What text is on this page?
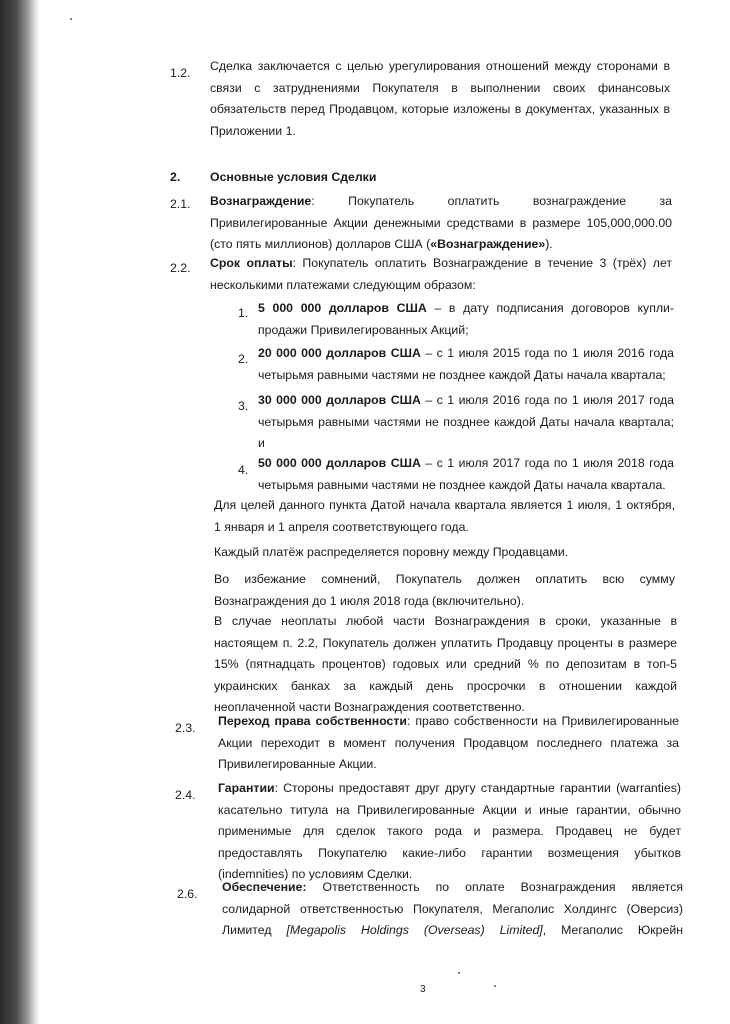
1.2. Сделка заключается с целью урегулирования отношений между сторонами в
связи с затруднениями Покупателя в выполнении своих финансовых
обязательств перед Продавцом, которые изложены в документах, указанных в
Приложении 1.
2. Основные условия Сделки
2.1. Вознаграждение: Покупатель оплатить вознаграждение за
Привилегированные Акции денежными средствами в размере 105,000,000.00
(сто пять миллионов) долларов США («Вознаграждение»).
2.2. Срок оплаты: Покупатель оплатить Вознаграждение в течение 3 (трёх) лет
несколькими платежами следующим образом:
1. 5 000 000 долларов США – в дату подписания договоров купли-
продажи Привилегированных Акций;
2. 20 000 000 долларов США – с 1 июля 2015 года по 1 июля 2016 года
четырьмя равными частями не позднее каждой Даты начала квартала;
3. 30 000 000 долларов США – с 1 июля 2016 года по 1 июля 2017 года
четырьмя равными частями не позднее каждой Даты начала квартала;
и
4. 50 000 000 долларов США – с 1 июля 2017 года по 1 июля 2018 года
четырьмя равными частями не позднее каждой Даты начала квартала.
Для целей данного пункта Датой начала квартала является 1 июля, 1 октября,
1 января и 1 апреля соответствующего года.
Каждый платёж распределяется поровну между Продавцами.
Во избежание сомнений, Покупатель должен оплатить всю сумму
Вознаграждения до 1 июля 2018 года (включительно).
В случае неоплаты любой части Вознаграждения в сроки, указанные в
настоящем п. 2.2, Покупатель должен уплатить Продавцу проценты в размере
15% (пятнадцать процентов) годовых или средний % по депозитам в топ-5
украинских банках за каждый день просрочки в отношении каждой
неоплаченной части Вознаграждения соответственно.
2.3. Переход права собственности: право собственности на Привилегированные
Акции переходит в момент получения Продавцом последнего платежа за
Привилегированные Акции.
2.4. Гарантии: Стороны предоставят друг другу стандартные гарантии (warranties)
касательно титула на Привилегированные Акции и иные гарантии, обычно
применимые для сделок такого рода и размера. Продавец не будет
предоставлять Покупателю какие-либо гарантии возмещения убытков
(indemnities) по условиям Сделки.
2.6. Обеспечение: Ответственность по оплате Вознаграждения является
солидарной ответственностью Покупателя, Мегаполис Холдингс (Оверсиз)
Лимитед [Megapolis Holdings (Overseas) Limited], Мегаполис Юкрейн
3
